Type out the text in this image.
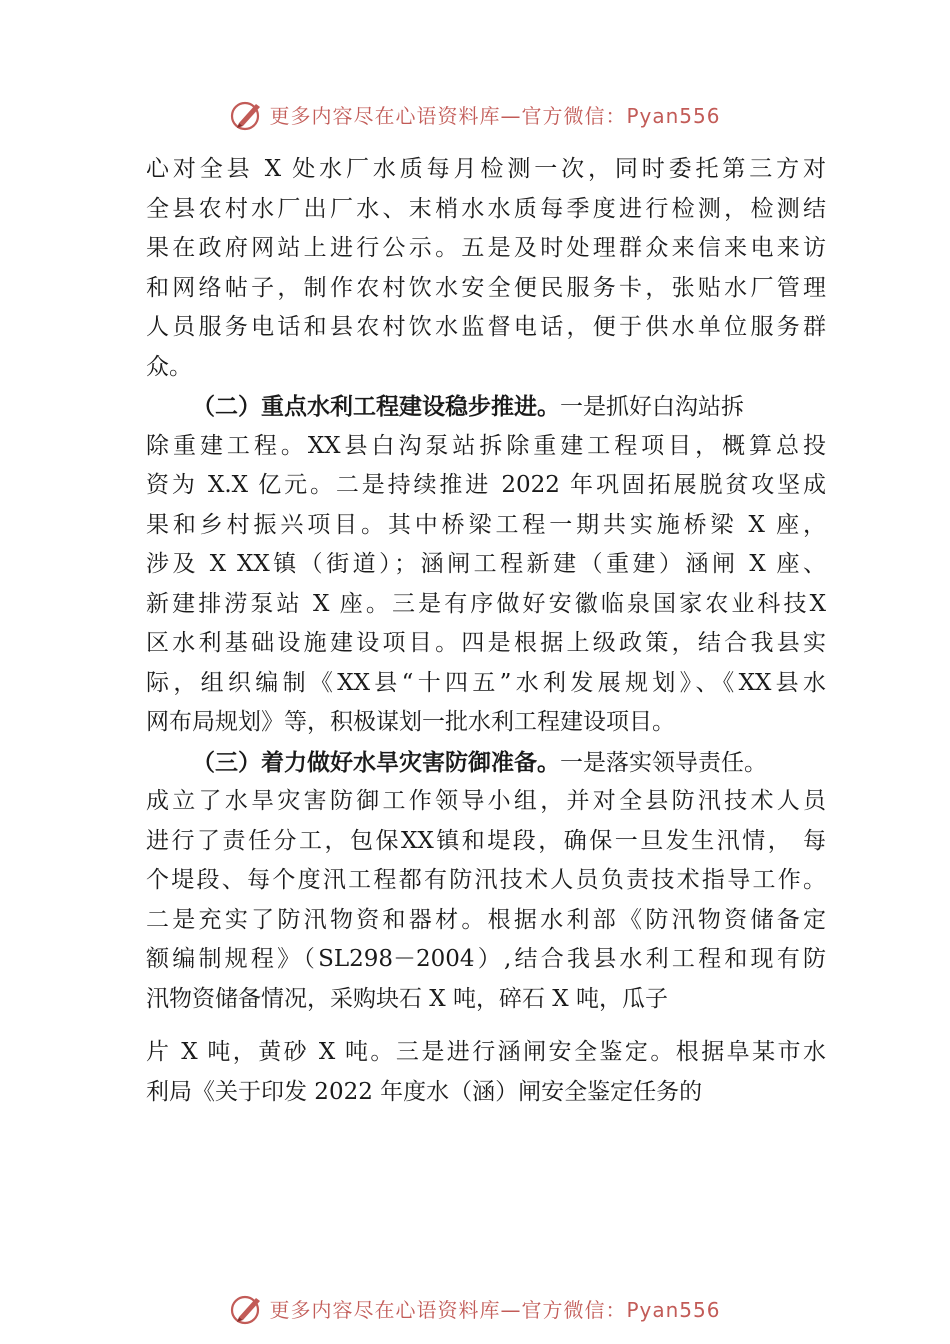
更多内容尽在心语资料库—官方微信：Pyan556
心对全县 X 处水厂水质每月检测一次，同时委托第三方对
全县农村水厂出厂水、末梢水水质每季度进行检测，检测结
果在政府网站上进行公示。五是及时处理群众来信来电来访
和网络帖子，制作农村饮水安全便民服务卡，张贴水厂管理
人员服务电话和县农村饮水监督电话，便于供水单位服务群
众。
（二）重点水利工程建设稳步推进。一是抓好白沟站拆
除重建工程。XX县白沟泵站拆除重建工程项目，概算总投
资为 X.X 亿元。二是持续推进 2022 年巩固拓展脱贫攻坚成
果和乡村振兴项目。其中桥梁工程一期共实施桥梁 X 座，
涉及 X XX镇（街道）；涵闸工程新建（重建）涵闸 X 座、
新建排涝泵站 X 座。三是有序做好安徽临泉国家农业科技X
区水利基础设施建设项目。四是根据上级政策，结合我县实
际，组织编制《XX县“十四五”水利发展规划》、《XX县水
网布局规划》等，积极谋划一批水利工程建设项目。
（三）着力做好水旱灾害防御准备。一是落实领导责任。
成立了水旱灾害防御工作领导小组，并对全县防汛技术人员
进行了责任分工，包保XX镇和堤段，确保一旦发生汛情， 每
个堤段、每个度汛工程都有防汛技术人员负责技术指导工作。
二是充实了防汛物资和器材。根据水利部《防汛物资储备定
额编制规程》（SL298－2004）,结合我县水利工程和现有防
汛物资储备情况，采购块石 X 吨，碎石 X 吨，瓜子
片 X 吨，黄砂 X 吨。三是进行涵闸安全鉴定。根据阜某市水
利局《关于印发 2022 年度水（涵）闸安全鉴定任务的
更多内容尽在心语资料库—官方微信：Pyan556
